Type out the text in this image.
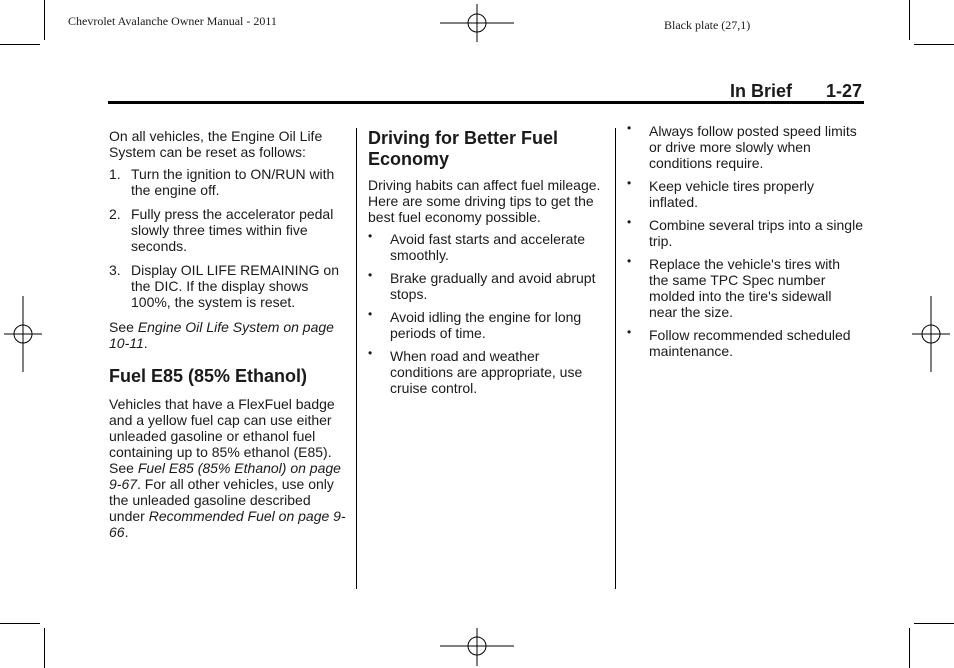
Chevrolet Avalanche Owner Manual - 2011	Black plate (27,1)
In Brief 1-27

On all vehicles, the Engine Oil Life System can be reset as follows:

1. Turn the ignition to ON/RUN with the engine off.
2. Fully press the accelerator pedal slowly three times within five seconds.
3. Display OIL LIFE REMAINING on the DIC. If the display shows 100%, the system is reset.

See Engine Oil Life System on page 10-11.

Fuel E85 (85% Ethanol)

Vehicles that have a FlexFuel badge and a yellow fuel cap can use either unleaded gasoline or ethanol fuel containing up to 85% ethanol (E85). See Fuel E85 (85% Ethanol) on page 9-67. For all other vehicles, use only the unleaded gasoline described under Recommended Fuel on page 9-66.

Driving for Better Fuel Economy

Driving habits can affect fuel mileage. Here are some driving tips to get the best fuel economy possible.

• Avoid fast starts and accelerate smoothly.
• Brake gradually and avoid abrupt stops.
• Avoid idling the engine for long periods of time.
• When road and weather conditions are appropriate, use cruise control.
• Always follow posted speed limits or drive more slowly when conditions require.
• Keep vehicle tires properly inflated.
• Combine several trips into a single trip.
• Replace the vehicle's tires with the same TPC Spec number molded into the tire's sidewall near the size.
• Follow recommended scheduled maintenance.
